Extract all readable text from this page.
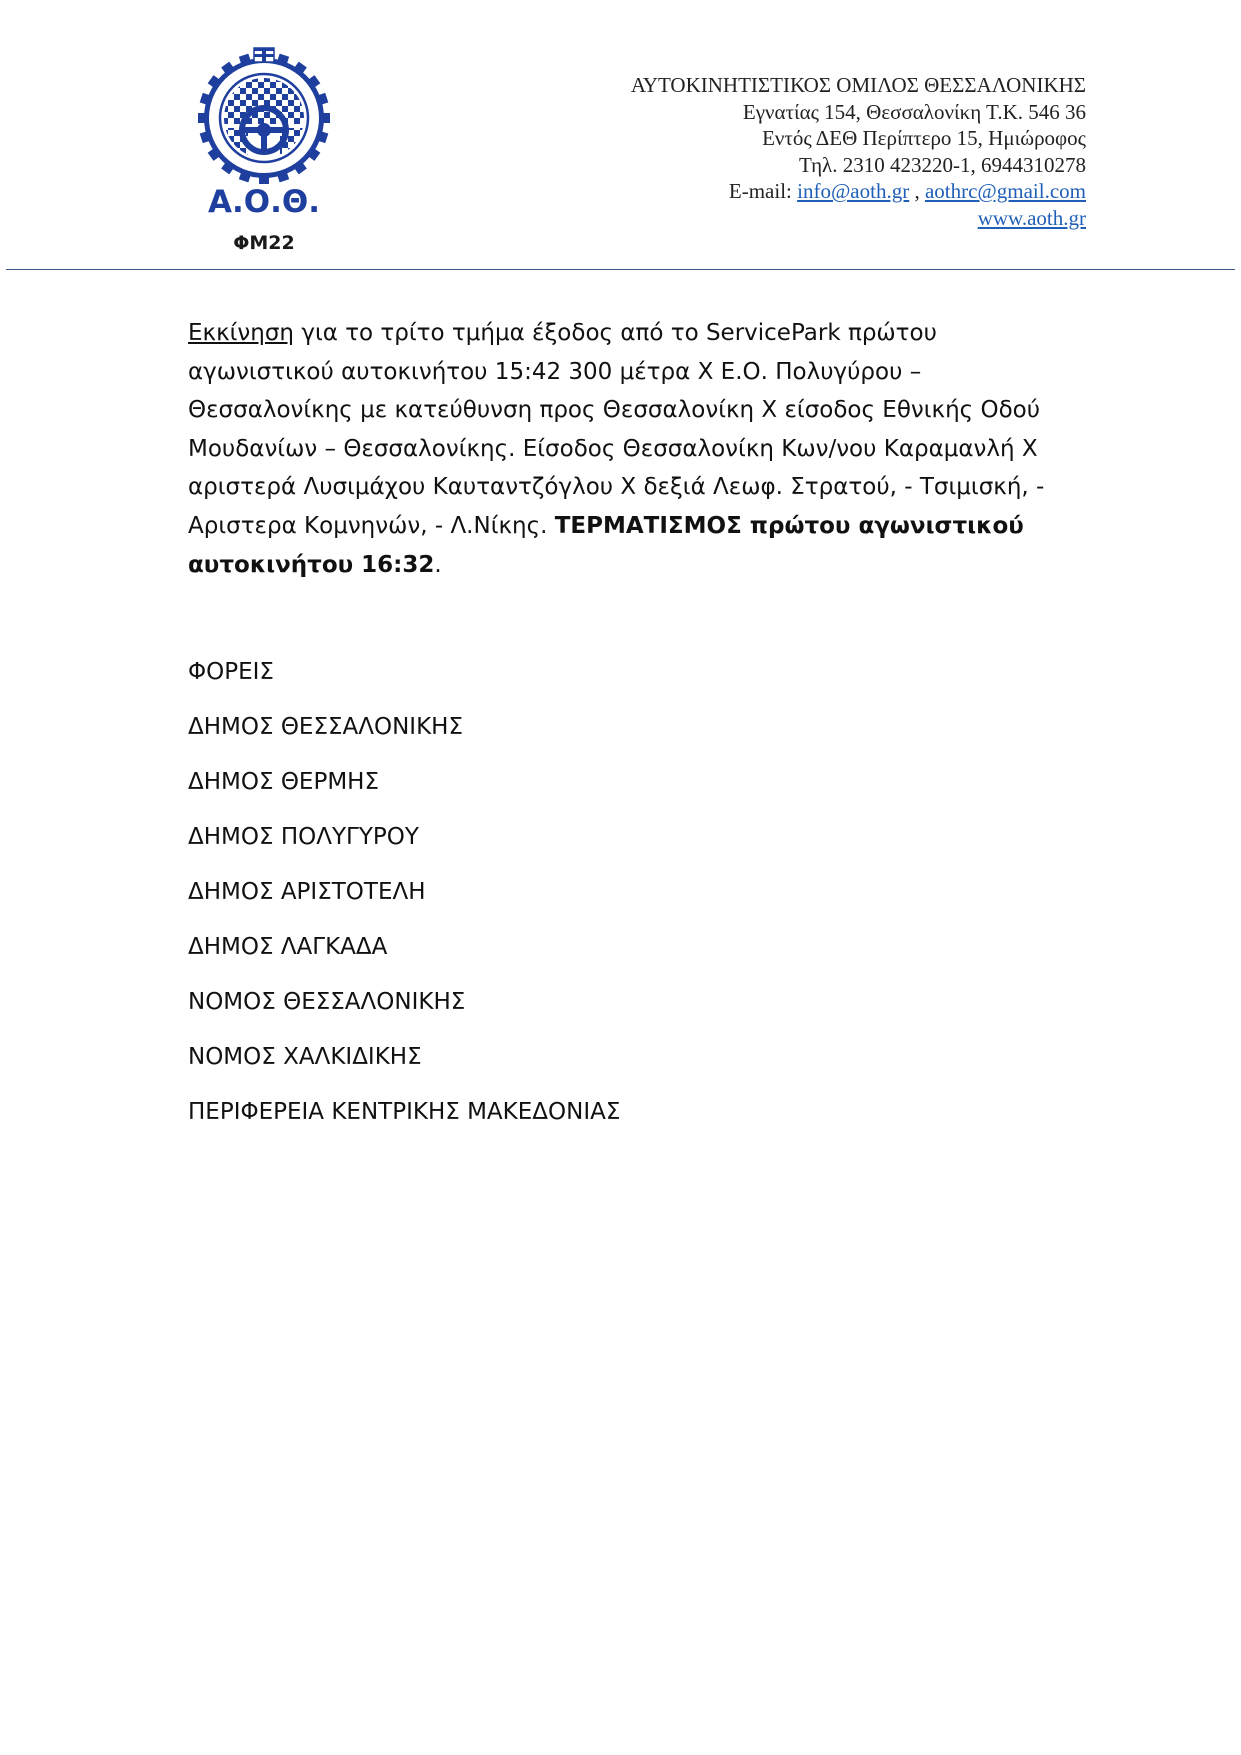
Α.Ο.Θ.
ΦΜ22
ΑΥΤΟΚΙΝΗΤΙΣΤΙΚΟΣ ΟΜΙΛΟΣ ΘΕΣΣΑΛΟΝΙΚΗΣ
Εγνατίας 154, Θεσσαλονίκη Τ.Κ. 546 36
Εντός ΔΕΘ Περίπτερο 15, Ημιώροφος
Τηλ. 2310 423220-1, 6944310278
E-mail: info@aoth.gr , aothrc@gmail.com
www.aoth.gr

Εκκίνηση για το τρίτο τμήμα έξοδος από το ServicePark πρώτου αγωνιστικού αυτοκινήτου 15:42 300 μέτρα Χ Ε.Ο. Πολυγύρου – Θεσσαλονίκης με κατεύθυνση προς Θεσσαλονίκη Χ είσοδος Εθνικής Οδού Μουδανίων – Θεσσαλονίκης. Είσοδος Θεσσαλονίκη Κων/νου Καραμανλή Χ αριστερά Λυσιμάχου Καυταντζόγλου Χ δεξιά Λεωφ. Στρατού, - Τσιμισκή, - Αριστερα Κομνηνών, - Λ.Νίκης. ΤΕΡΜΑΤΙΣΜΟΣ πρώτου αγωνιστικού αυτοκινήτου 16:32.

ΦΟΡΕΙΣ
ΔΗΜΟΣ ΘΕΣΣΑΛΟΝΙΚΗΣ
ΔΗΜΟΣ ΘΕΡΜΗΣ
ΔΗΜΟΣ ΠΟΛΥΓΥΡΟΥ
ΔΗΜΟΣ ΑΡΙΣΤΟΤΕΛΗ
ΔΗΜΟΣ ΛΑΓΚΑΔΑ
ΝΟΜΟΣ ΘΕΣΣΑΛΟΝΙΚΗΣ
ΝΟΜΟΣ ΧΑΛΚΙΔΙΚΗΣ
ΠΕΡΙΦΕΡΕΙΑ ΚΕΝΤΡΙΚΗΣ ΜΑΚΕΔΟΝΙΑΣ
